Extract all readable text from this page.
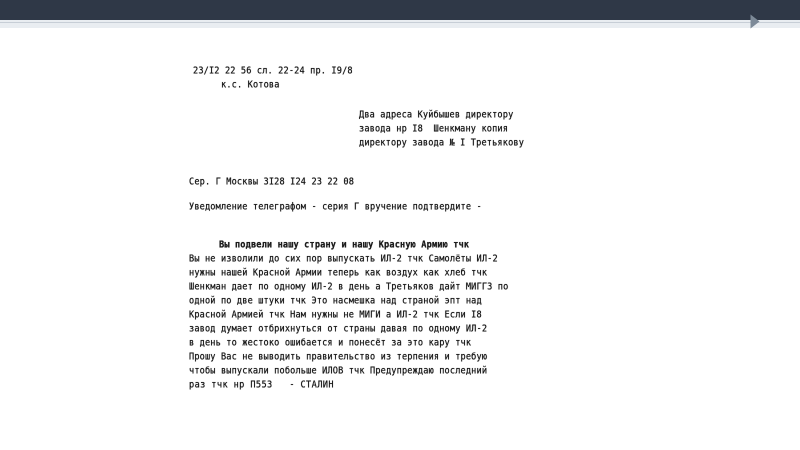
23/I2 22 56 сл. 22-24 пр. I9/8
к.с. Котова
Два адреса Куйбышев директору
завода нр I8  Шенкману копия
директору завода № I Третьякову
Сер. Г Москвы 3I28 I24 23 22 08
Уведомление телеграфом - серия Г вручение подтвердите -
Вы подвели нашу страну и нашу Красную Армию тчк
Вы не изволили до сих пор выпускать ИЛ-2 тчк Самолёты ИЛ-2
нужны нашей Красной Армии теперь как воздух как хлеб тчк
Шенкман дает по одному ИЛ-2 в день а Третьяков дайт МИГГЗ по
одной по две штуки тчк Это насмешка над страной эпт над
Красной Армией тчк Нам нужны не МИГИ а ИЛ-2 тчк Если I8
завод думает отбрихнуться от страны давая по одному ИЛ-2
в день то жестоко ошибается и понесёт за это кару тчк
Прошу Вас не выводить правительство из терпения и требую
чтобы выпускали побольше ИЛОВ тчк Предупреждаю последний
раз тчк нр П553   - СТАЛИН
